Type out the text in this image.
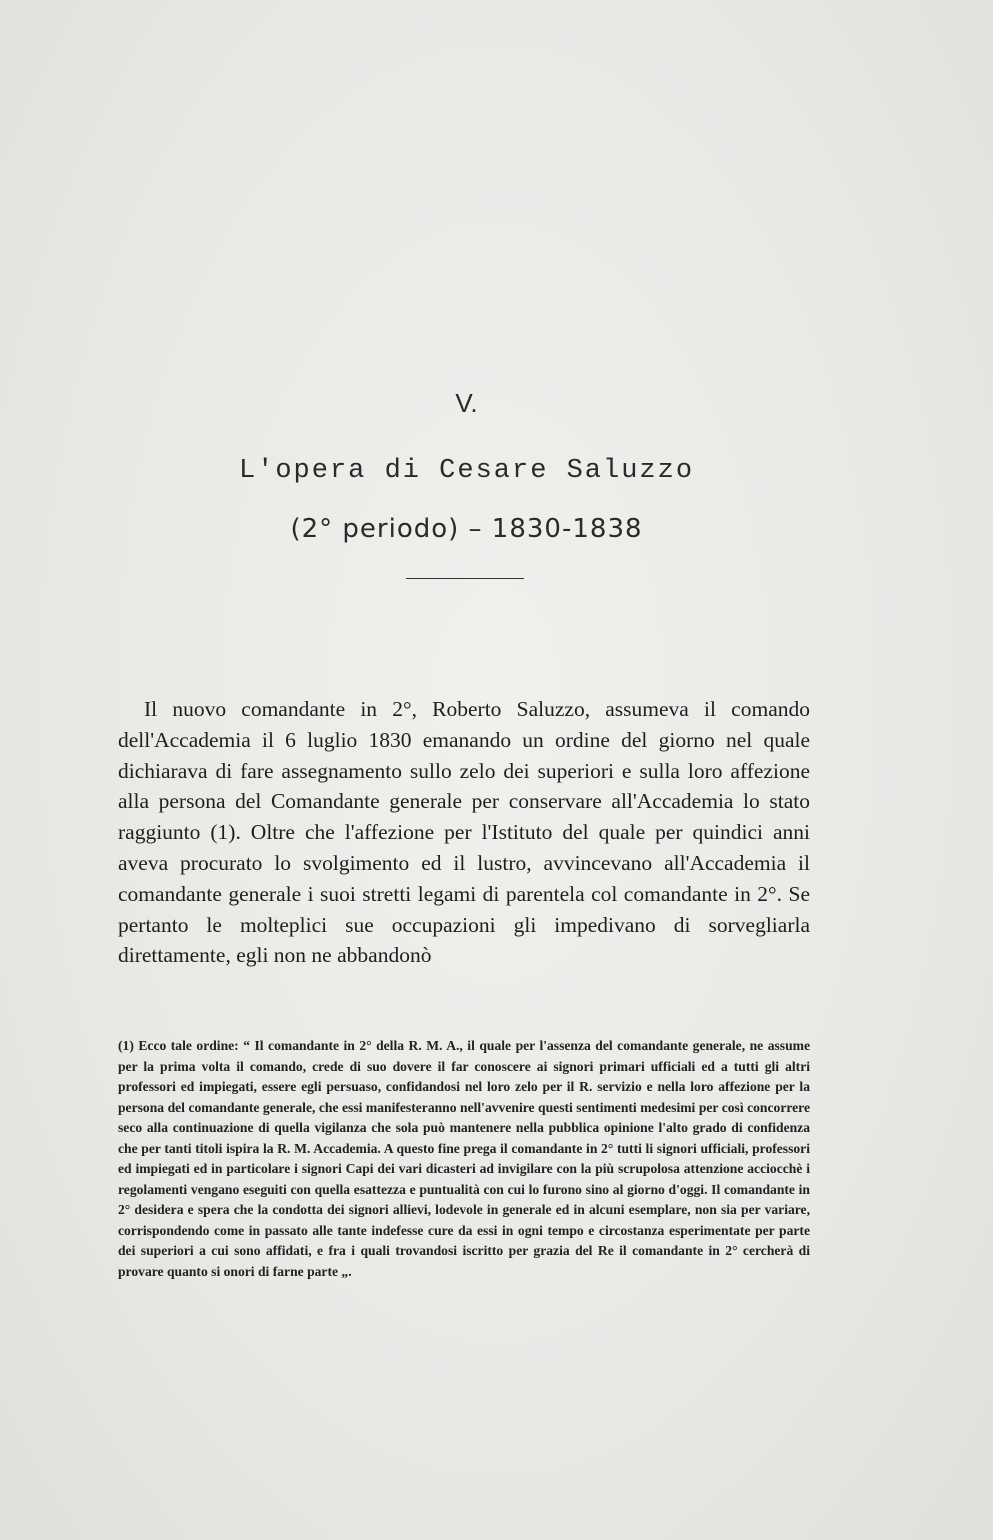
V.
L'opera di Cesare Saluzzo
(2° periodo) – 1830-1838

Il nuovo comandante in 2°, Roberto Saluzzo, assumeva il comando dell'Accademia il 6 luglio 1830 emanando un ordine del giorno nel quale dichiarava di fare assegnamento sullo zelo dei superiori e sulla loro affezione alla persona del Comandante generale per conservare all'Accademia lo stato raggiunto (1). Oltre che l'affezione per l'Istituto del quale per quindici anni aveva procurato lo svolgimento ed il lustro, avvincevano all'Accademia il comandante generale i suoi stretti legami di parentela col comandante in 2°. Se pertanto le molteplici sue occupazioni gli impedivano di sorvegliarla direttamente, egli non ne abbandonò

(1) Ecco tale ordine: “ Il comandante in 2° della R. M. A., il quale per l'assenza del comandante generale, ne assume per la prima volta il comando, crede di suo dovere il far conoscere ai signori primari ufficiali ed a tutti gli altri professori ed impiegati, essere egli persuaso, confidandosi nel loro zelo per il R. servizio e nella loro affezione per la persona del comandante generale, che essi manifesteranno nell'avvenire questi sentimenti medesimi per così concorrere seco alla continuazione di quella vigilanza che sola può mantenere nella pubblica opinione l'alto grado di confidenza che per tanti titoli ispira la R. M. Accademia. A questo fine prega il comandante in 2° tutti li signori ufficiali, professori ed impiegati ed in particolare i signori Capi dei vari dicasteri ad invigilare con la più scrupolosa attenzione acciocchè i regolamenti vengano eseguiti con quella esattezza e puntualità con cui lo furono sino al giorno d'oggi. Il comandante in 2° desidera e spera che la condotta dei signori allievi, lodevole in generale ed in alcuni esemplare, non sia per variare, corrispondendo come in passato alle tante indefesse cure da essi in ogni tempo e circostanza esperimentate per parte dei superiori a cui sono affidati, e fra i quali trovandosi iscritto per grazia del Re il comandante in 2° cercherà di provare quanto si onori di farne parte „.
